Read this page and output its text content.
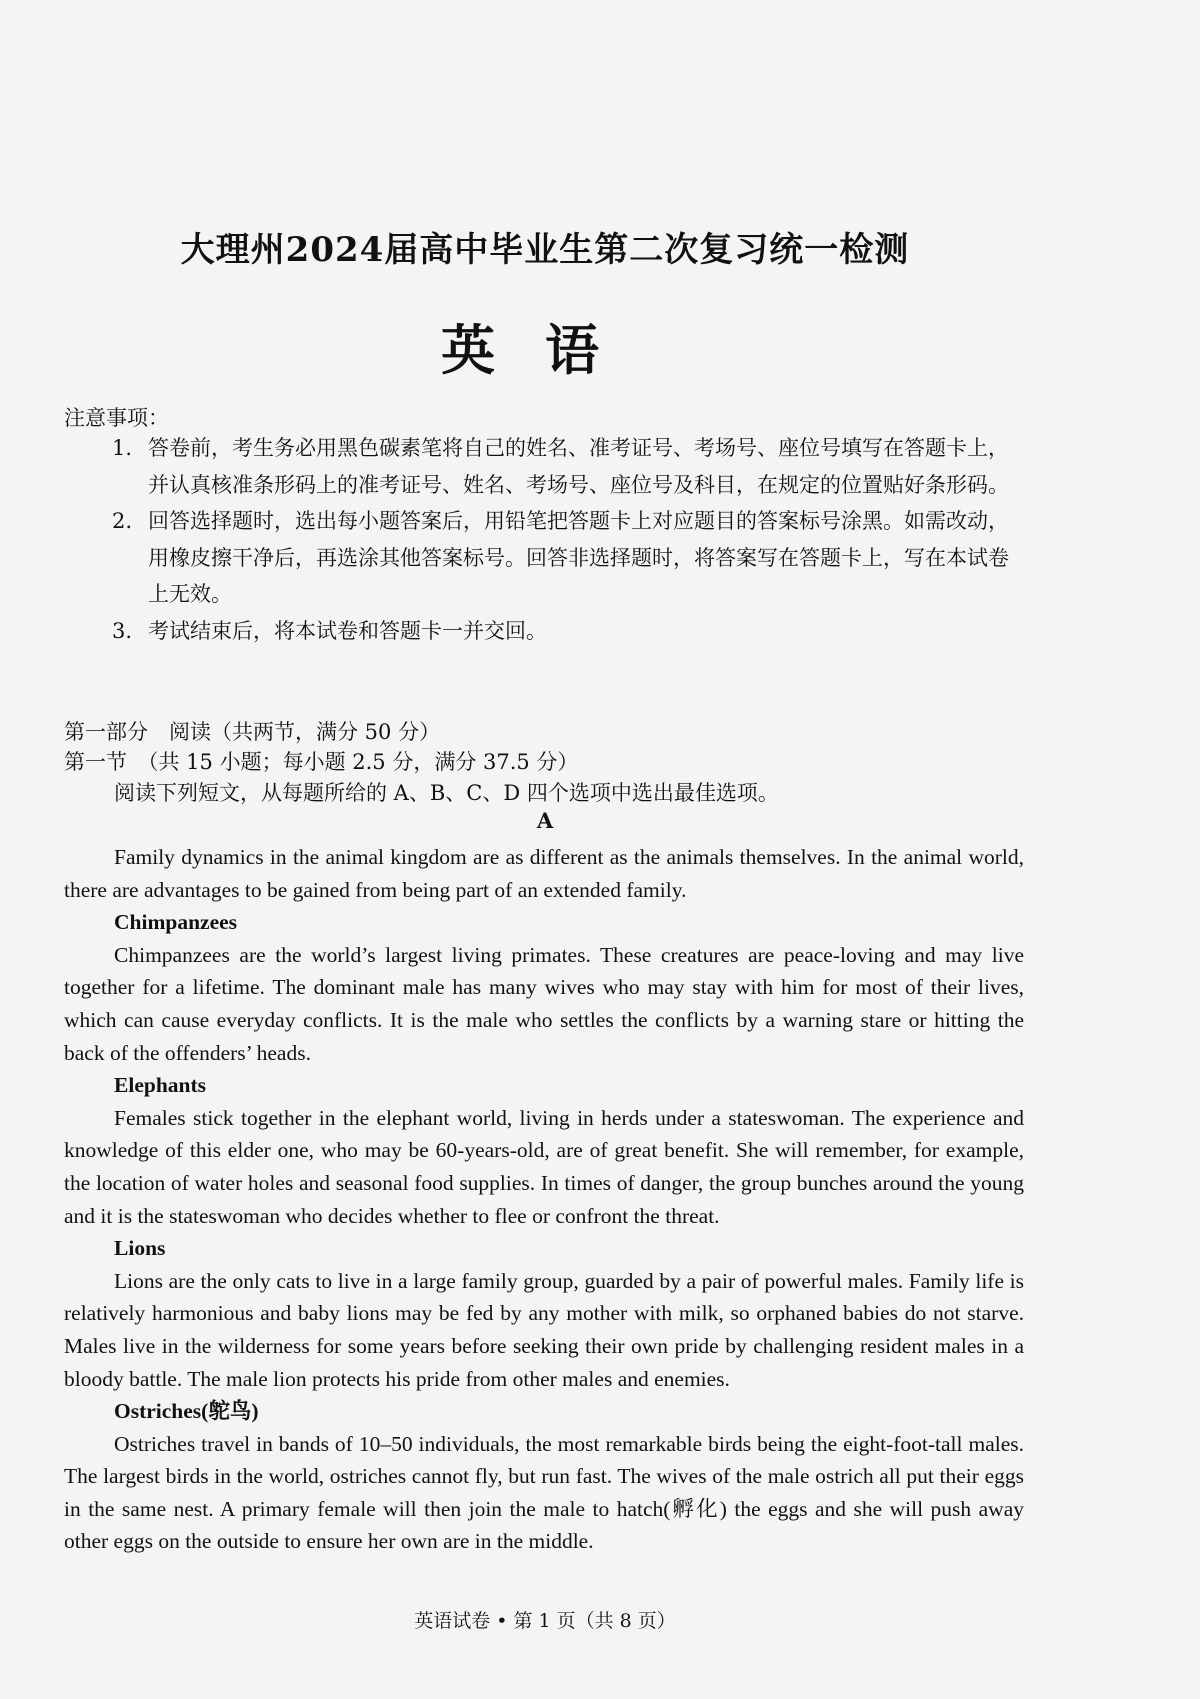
大理州2024届高中毕业生第二次复习统一检测
英语
注意事项：
1. 答卷前，考生务必用黑色碳素笔将自己的姓名、准考证号、考场号、座位号填写在答题卡上，并认真核准条形码上的准考证号、姓名、考场号、座位号及科目，在规定的位置贴好条形码。
2. 回答选择题时，选出每小题答案后，用铅笔把答题卡上对应题目的答案标号涂黑。如需改动，用橡皮擦干净后，再选涂其他答案标号。回答非选择题时，将答案写在答题卡上，写在本试卷上无效。
3. 考试结束后，将本试卷和答题卡一并交回。
第一部分　阅读（共两节，满分 50 分）
第一节　（共 15 小题；每小题 2.5 分，满分 37.5 分）
阅读下列短文，从每题所给的 A、B、C、D 四个选项中选出最佳选项。
A

Family dynamics in the animal kingdom are as different as the animals themselves. In the animal world, there are advantages to be gained from being part of an extended family.

Chimpanzees

Chimpanzees are the world’s largest living primates. These creatures are peace-loving and may live together for a lifetime. The dominant male has many wives who may stay with him for most of their lives, which can cause everyday conflicts. It is the male who settles the conflicts by a warning stare or hitting the back of the offenders’ heads.

Elephants

Females stick together in the elephant world, living in herds under a stateswoman. The experience and knowledge of this elder one, who may be 60-years-old, are of great benefit. She will remember, for example, the location of water holes and seasonal food supplies. In times of danger, the group bunches around the young and it is the stateswoman who decides whether to flee or confront the threat.

Lions

Lions are the only cats to live in a large family group, guarded by a pair of powerful males. Family life is relatively harmonious and baby lions may be fed by any mother with milk, so orphaned babies do not starve. Males live in the wilderness for some years before seeking their own pride by challenging resident males in a bloody battle. The male lion protects his pride from other males and enemies.

Ostriches(鸵鸟)

Ostriches travel in bands of 10–50 individuals, the most remarkable birds being the eight-foot-tall males. The largest birds in the world, ostriches cannot fly, but run fast. The wives of the male ostrich all put their eggs in the same nest. A primary female will then join the male to hatch(孵化) the eggs and she will push away other eggs on the outside to ensure her own are in the middle.

英语试卷 • 第 1 页（共 8 页）
